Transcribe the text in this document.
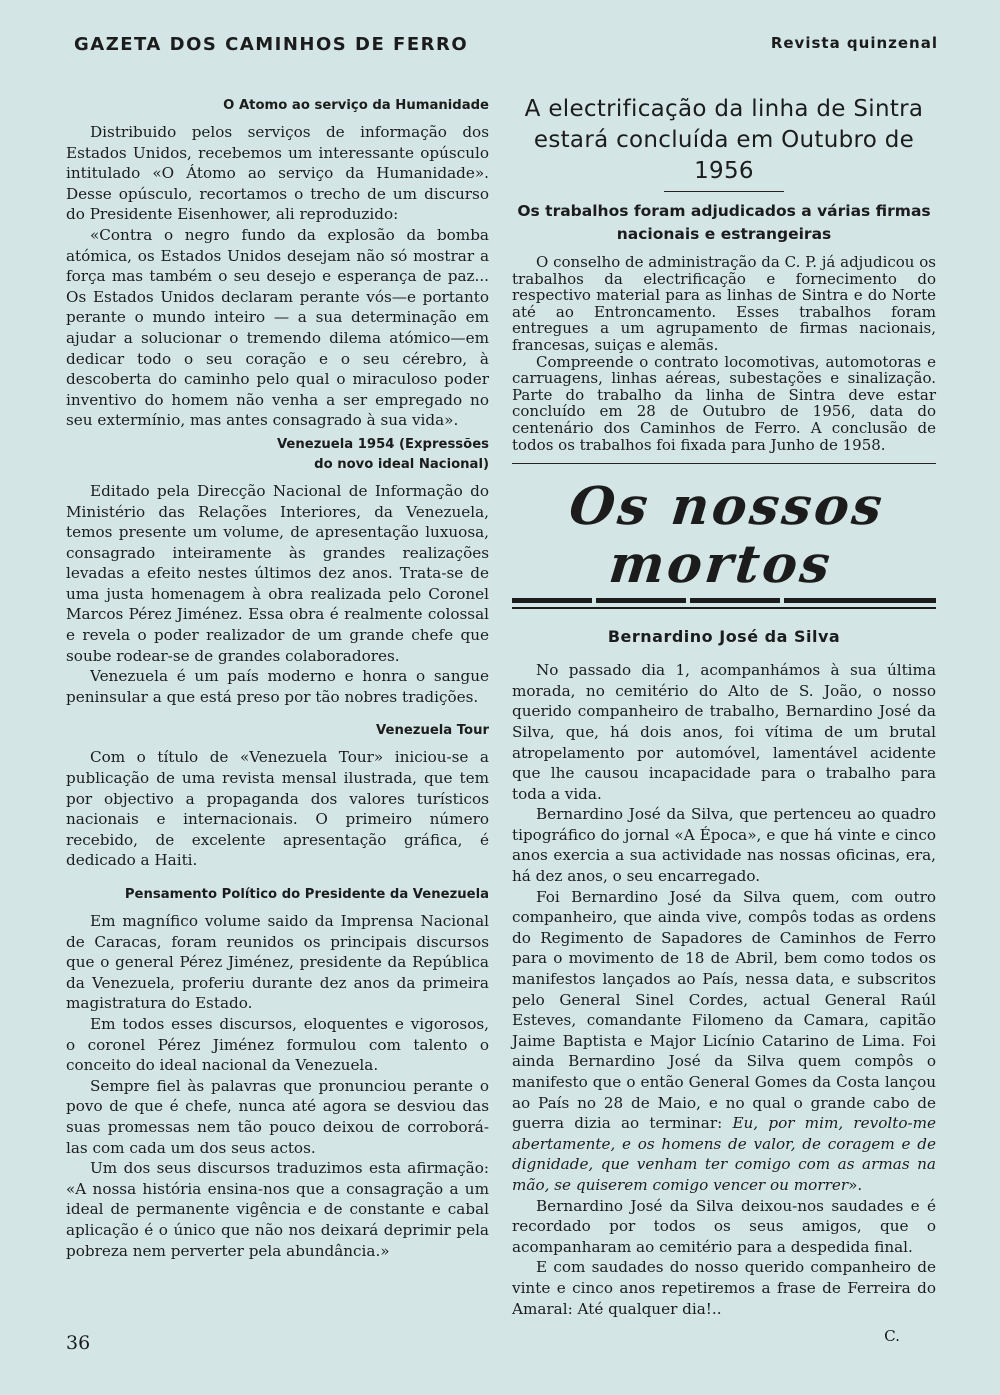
GAZETA DOS CAMINHOS DE FERRO	Revista quinzenal
O Atomo ao serviço da Humanidade

Distribuido pelos serviços de informação dos Estados Unidos, recebemos um interessante opúsculo intitulado «O Átomo ao serviço da Humanidade». Desse opúsculo, recortamos o trecho de um discurso do Presidente Eisenhower, ali reproduzido:

«Contra o negro fundo da explosão da bomba atómica, os Estados Unidos desejam não só mostrar a força mas também o seu desejo e esperança de paz... Os Estados Unidos declaram perante vós—e portanto perante o mundo inteiro — a sua determinação em ajudar a solucionar o tremendo dilema atómico—em dedicar todo o seu coração e o seu cérebro, à descoberta do caminho pelo qual o miraculoso poder inventivo do homem não venha a ser empregado no seu extermínio, mas antes consagrado à sua vida».

Venezuela 1954 (Expressões
do novo ideal Nacional)

Editado pela Direcção Nacional de Informação do Ministério das Relações Interiores, da Venezuela, temos presente um volume, de apresentação luxuosa, consagrado inteiramente às grandes realizações levadas a efeito nestes últimos dez anos. Trata-se de uma justa homenagem à obra realizada pelo Coronel Marcos Pérez Jiménez. Essa obra é realmente colossal e revela o poder realizador de um grande chefe que soube rodear-se de grandes colaboradores.

Venezuela é um país moderno e honra o sangue peninsular a que está preso por tão nobres tradições.

Venezuela Tour

Com o título de «Venezuela Tour» iniciou-se a publicação de uma revista mensal ilustrada, que tem por objectivo a propaganda dos valores turísticos nacionais e internacionais. O primeiro número recebido, de excelente apresentação gráfica, é dedicado a Haiti.

Pensamento Político do Presidente da Venezuela

Em magnífico volume saido da Imprensa Nacional de Caracas, foram reunidos os principais discursos que o general Pérez Jiménez, presidente da República da Venezuela, proferiu durante dez anos da primeira magistratura do Estado.

Em todos esses discursos, eloquentes e vigorosos, o coronel Pérez Jiménez formulou com talento o conceito do ideal nacional da Venezuela.

Sempre fiel às palavras que pronunciou perante o povo de que é chefe, nunca até agora se desviou das suas promessas nem tão pouco deixou de corroborá-las com cada um dos seus actos.

Um dos seus discursos traduzimos esta afirmação: «A nossa história ensina-nos que a consagração a um ideal de permanente vigência e de constante e cabal aplicação é o único que não nos deixará deprimir pela pobreza nem perverter pela abundância.»

A electrificação da linha de Sintra
estará concluída em Outubro de 1956
Os trabalhos foram adjudicados a várias firmas
nacionais e estrangeiras

O conselho de administração da C. P. já adjudicou os trabalhos da electrificação e fornecimento do respectivo material para as linhas de Sintra e do Norte até ao Entroncamento. Esses trabalhos foram entregues a um agrupamento de firmas nacionais, francesas, suiças e alemãs.

Compreende o contrato locomotivas, automotoras e carruagens, linhas aéreas, subestações e sinalização. Parte do trabalho da linha de Sintra deve estar concluído em 28 de Outubro de 1956, data do centenário dos Caminhos de Ferro. A conclusão de todos os trabalhos foi fixada para Junho de 1958.

Os nossos mortos
Bernardino José da Silva

No passado dia 1, acompanhámos à sua última morada, no cemitério do Alto de S. João, o nosso querido companheiro de trabalho, Bernardino José da Silva, que, há dois anos, foi vítima de um brutal atropelamento por automóvel, lamentável acidente que lhe causou incapacidade para o trabalho para toda a vida.

Bernardino José da Silva, que pertenceu ao quadro tipográfico do jornal «A Época», e que há vinte e cinco anos exercia a sua actividade nas nossas oficinas, era, há dez anos, o seu encarregado.

Foi Bernardino José da Silva quem, com outro companheiro, que ainda vive, compôs todas as ordens do Regimento de Sapadores de Caminhos de Ferro para o movimento de 18 de Abril, bem como todos os manifestos lançados ao País, nessa data, e subscritos pelo General Sinel Cordes, actual General Raúl Esteves, comandante Filomeno da Camara, capitão Jaime Baptista e Major Licínio Catarino de Lima. Foi ainda Bernardino José da Silva quem compôs o manifesto que o então General Gomes da Costa lançou ao País no 28 de Maio, e no qual o grande cabo de guerra dizia ao terminar: Eu, por mim, revolto-me abertamente, e os homens de valor, de coragem e de dignidade, que venham ter comigo com as armas na mão, se quiserem comigo vencer ou morrer».

Bernardino José da Silva deixou-nos saudades e é recordado por todos os seus amigos, que o acompanharam ao cemitério para a despedida final.

E com saudades do nosso querido companheiro de vinte e cinco anos repetiremos a frase de Ferreira do Amaral: Até qualquer dia!..

C.
36
